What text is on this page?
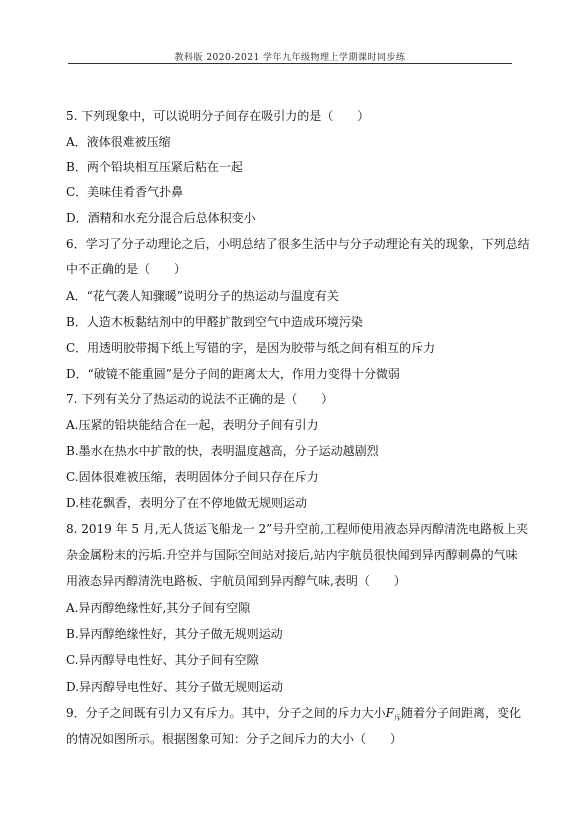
教科版 2020-2021 学年九年级物理上学期课时同步练
5. 下列现象中，可以说明分子间存在吸引力的是（　　）
A．液体很难被压缩
B．两个铅块相互压紧后粘在一起
C．美味佳肴香气扑鼻
D．酒精和水充分混合后总体积变小
6．学习了分子动理论之后，小明总结了很多生活中与分子动理论有关的现象，下列总结
中不正确的是（　　）
A．“花气袭人知骤暖”说明分子的热运动与温度有关
B．人造木板黏结剂中的甲醛扩散到空气中造成环境污染
C．用透明胶带揭下纸上写错的字，是因为胶带与纸之间有相互的斥力
D．“破镜不能重圆”是分子间的距离太大，作用力变得十分微弱
7. 下列有关分了热运动的说法不正确的是（　　）
A.压紧的铅块能结合在一起，表明分子间有引力
B.墨水在热水中扩散的快，表明温度越高，分子运动越剧烈
C.固体很难被压缩，表明固体分子间只存在斥力
D.桂花飘香，表明分了在不停地做无规则运动
8. 2019 年 5 月,无人货运飞船龙一 2”号升空前,工程师使用液态异丙醇清洗电路板上夹
杂金属粉末的污垢.升空并与国际空间站对接后,站内宇航员很快闻到异丙醇刺鼻的气味
用液态异丙醇清洗电路板、宇航员闻到异丙醇气味,表明（　　）
A.异丙醇绝缘性好,其分子间有空隙
B.异丙醇绝缘性好，其分子做无规则运动
C.异丙醇导电性好、其分子间有空隙
D.异丙醇导电性好、其分子做无规则运动
9．分子之间既有引力又有斥力。其中，分子之间的斥力大小$F_斥$随着分子间距离，变化
的情况如图所示。根据图象可知：分子之间斥力的大小（　　）
